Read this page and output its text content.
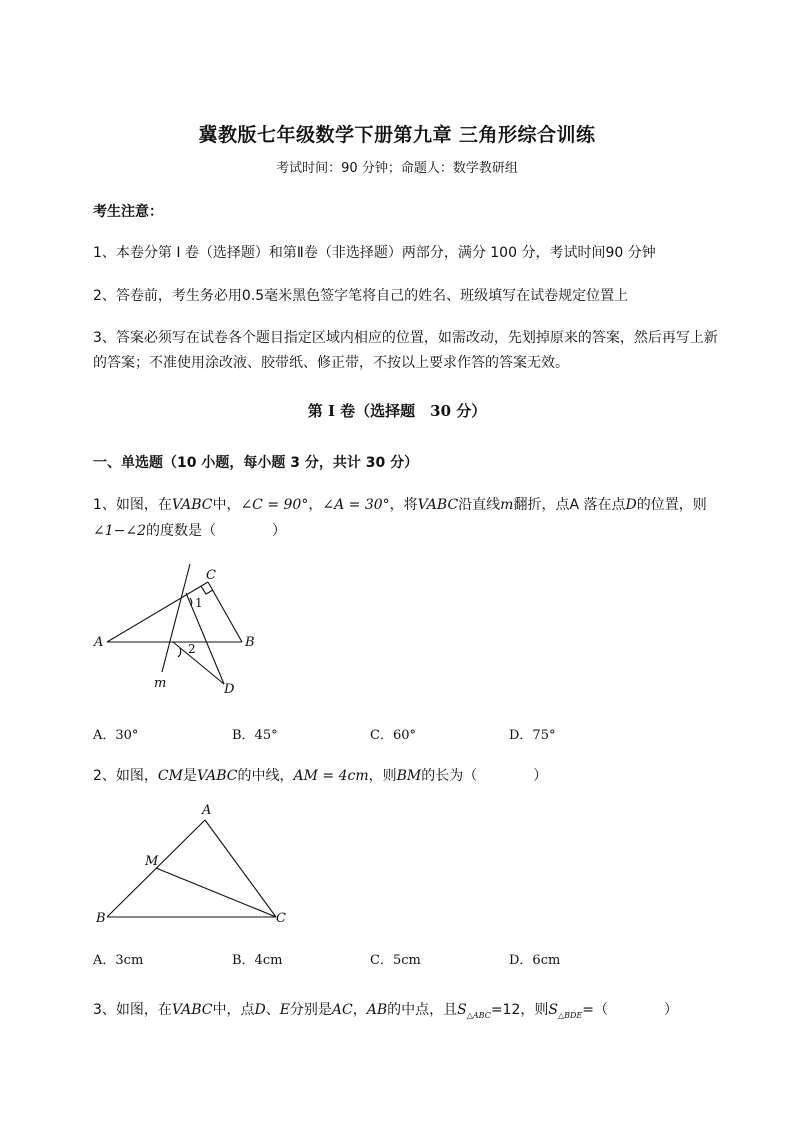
冀教版七年级数学下册第九章 三角形综合训练
考试时间：90 分钟；命题人：数学教研组
考生注意：
1、本卷分第 I 卷（选择题）和第Ⅱ卷（非选择题）两部分，满分 100 分，考试时间90 分钟
2、答卷前，考生务必用0.5毫米黑色签字笔将自己的姓名、班级填写在试卷规定位置上
3、答案必须写在试卷各个题目指定区域内相应的位置，如需改动，先划掉原来的答案，然后再写上新
的答案；不准使用涂改液、胶带纸、修正带，不按以上要求作答的答案无效。
第 I 卷（选择题　30 分）
一、单选题（10 小题，每小题 3 分，共计 30 分）
1、如图，在VABC中，∠C = 90°，∠A = 30°，将VABC沿直线m翻折，点A 落在点D的位置，则
∠1−∠2的度数是（　　　　）
A	B
C
D
m
1
2
A．30°	B．45°	C．60°	D．75°
2、如图，CM是VABC的中线，AM = 4cm，则BM的长为（　　　　）
A
B	C
M
A．3cm	B．4cm	C．5cm	D．6cm
3、如图，在VABC中，点D、E分别是AC，AB的中点，且$S_{\triangle ABC}=12$，则$S_{\triangle BDE}=$（　　　　）
